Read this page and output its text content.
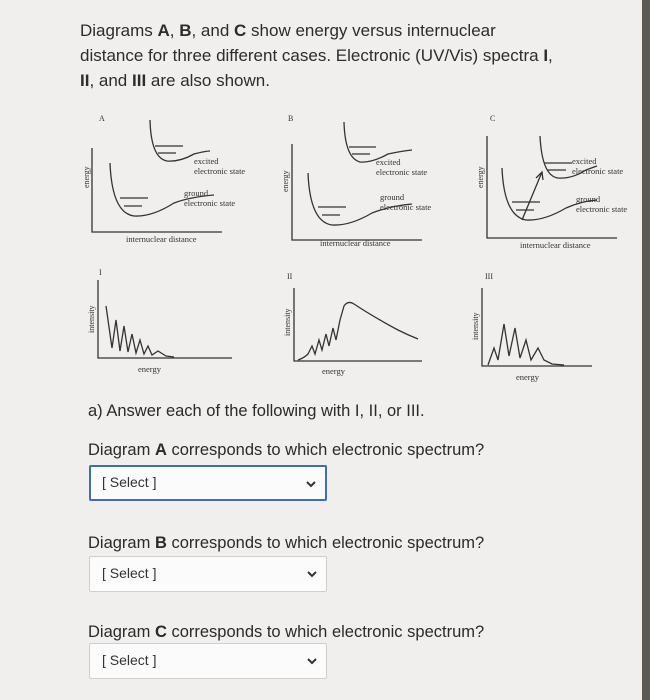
Diagrams A, B, and C show energy versus internuclear distance for three different cases. Electronic (UV/Vis) spectra I, II, and III are also shown.

A	B	C
energy	energy	energy
excited
electronic state
ground
electronic state
internuclear distance
excited
electronic state
ground
electronic state
internuclear distance
excited
electronic state
ground
electronic state
internuclear distance
I	II	III
intensity	intensity	intensity
energy	energy
energy

a) Answer each of the following with I, II, or III.

Diagram A corresponds to which electronic spectrum?

[ Select ]

Diagram B corresponds to which electronic spectrum?

[ Select ]

Diagram C corresponds to which electronic spectrum?

[ Select ]
